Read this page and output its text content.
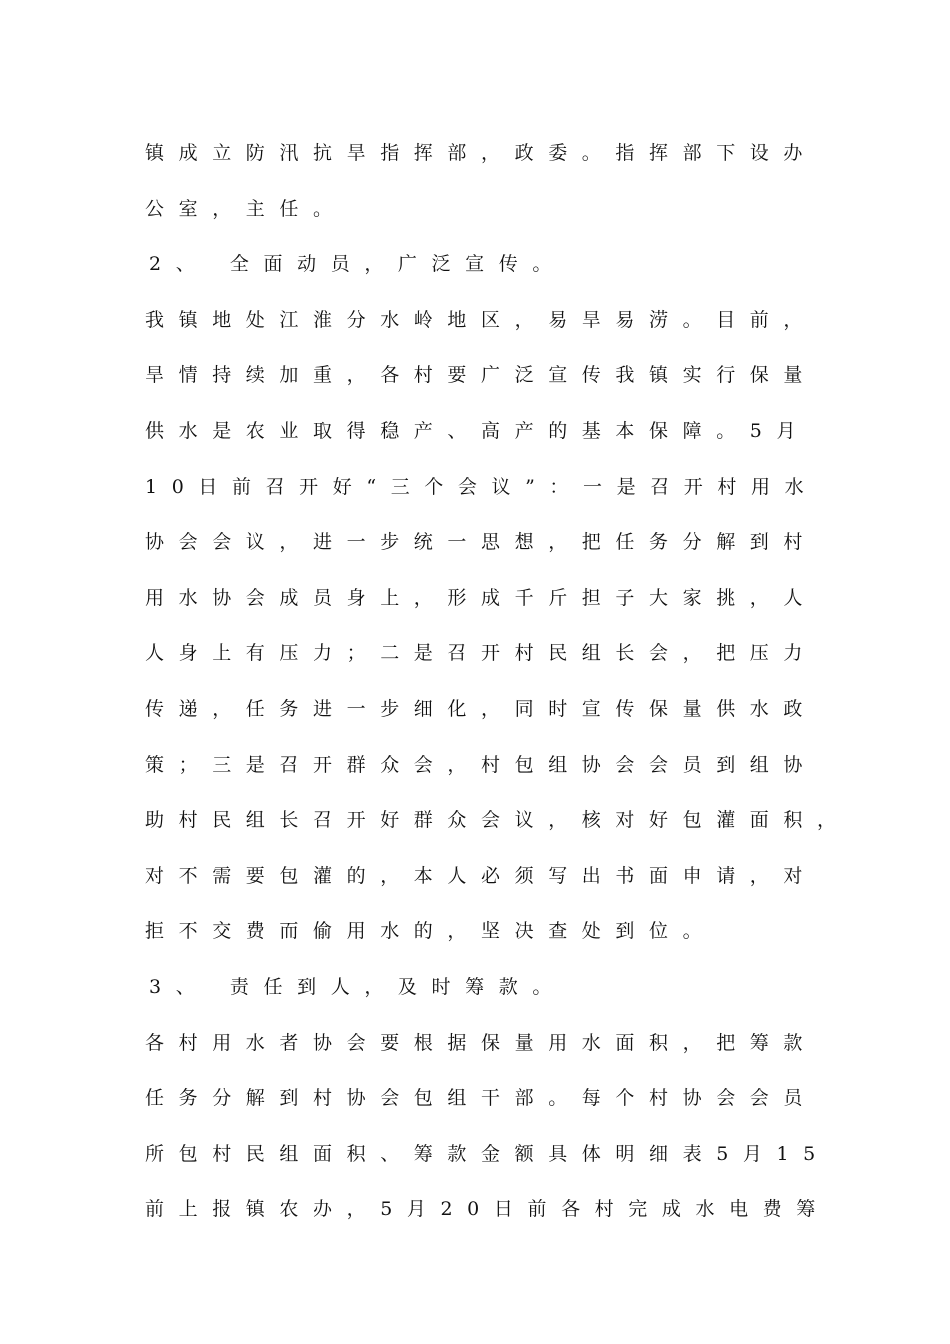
镇成立防汛抗旱指挥部，政委。指挥部下设办
公室，主任。
2、 全面动员，广泛宣传。
我镇地处江淮分水岭地区，易旱易涝。目前，
旱情持续加重，各村要广泛宣传我镇实行保量
供水是农业取得稳产、高产的基本保障。5月
10日前召开好“三个会议”：一是召开村用水
协会会议，进一步统一思想，把任务分解到村
用水协会成员身上，形成千斤担子大家挑，人
人身上有压力；二是召开村民组长会，把压力
传递，任务进一步细化，同时宣传保量供水政
策；三是召开群众会，村包组协会会员到组协
助村民组长召开好群众会议，核对好包灌面积，
对不需要包灌的，本人必须写出书面申请，对
拒不交费而偷用水的，坚决查处到位。
3、 责任到人，及时筹款。
各村用水者协会要根据保量用水面积，把筹款
任务分解到村协会包组干部。每个村协会会员
所包村民组面积、筹款金额具体明细表5月15
前上报镇农办，5月20日前各村完成水电费筹
